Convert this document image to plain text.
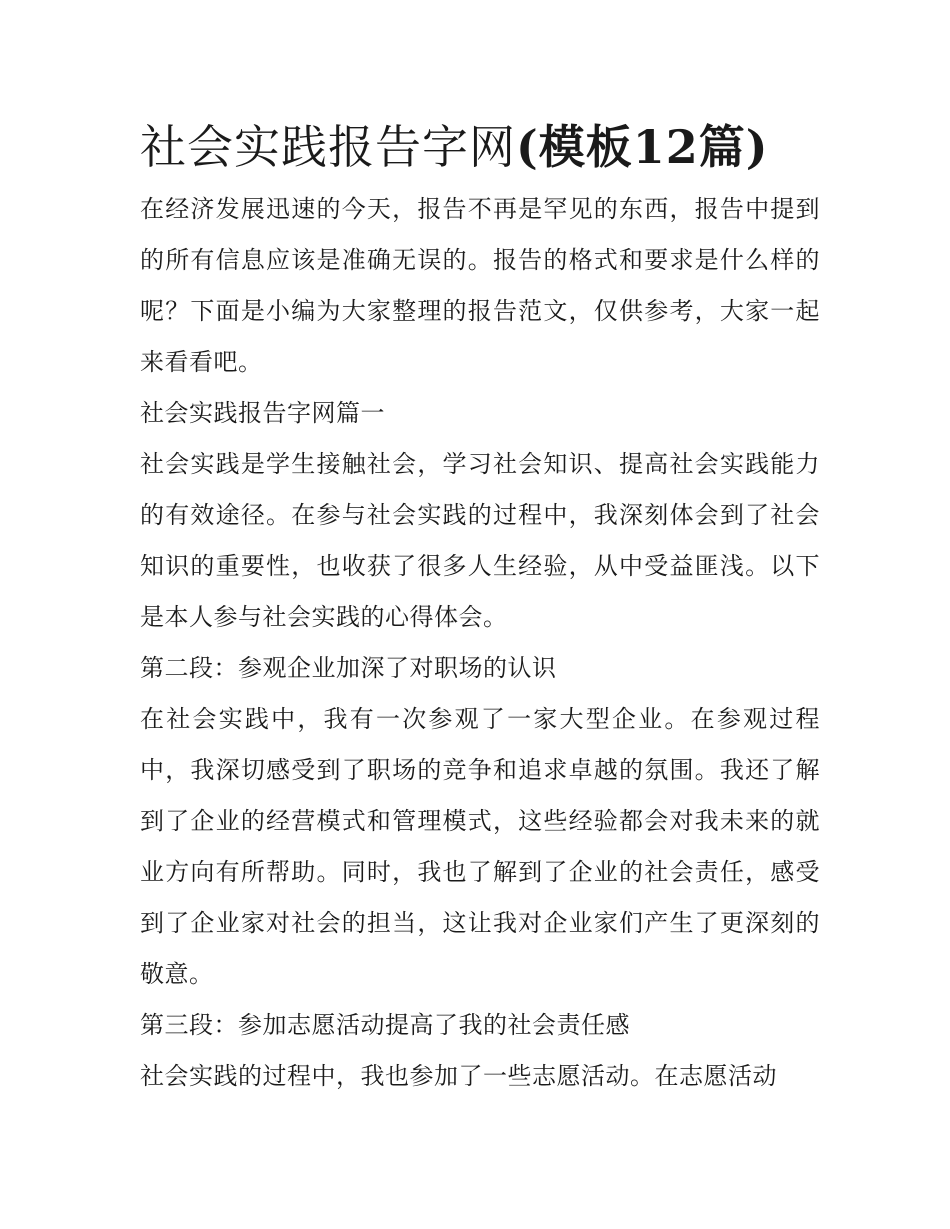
社会实践报告字网(模板12篇)

在经济发展迅速的今天，报告不再是罕见的东西，报告中提到的所有信息应该是准确无误的。报告的格式和要求是什么样的呢？下面是小编为大家整理的报告范文，仅供参考，大家一起来看看吧。

社会实践报告字网篇一

社会实践是学生接触社会，学习社会知识、提高社会实践能力的有效途径。在参与社会实践的过程中，我深刻体会到了社会知识的重要性，也收获了很多人生经验，从中受益匪浅。以下是本人参与社会实践的心得体会。

第二段：参观企业加深了对职场的认识

在社会实践中，我有一次参观了一家大型企业。在参观过程中，我深切感受到了职场的竞争和追求卓越的氛围。我还了解到了企业的经营模式和管理模式，这些经验都会对我未来的就业方向有所帮助。同时，我也了解到了企业的社会责任，感受到了企业家对社会的担当，这让我对企业家们产生了更深刻的敬意。

第三段：参加志愿活动提高了我的社会责任感

社会实践的过程中，我也参加了一些志愿活动。在志愿活动
